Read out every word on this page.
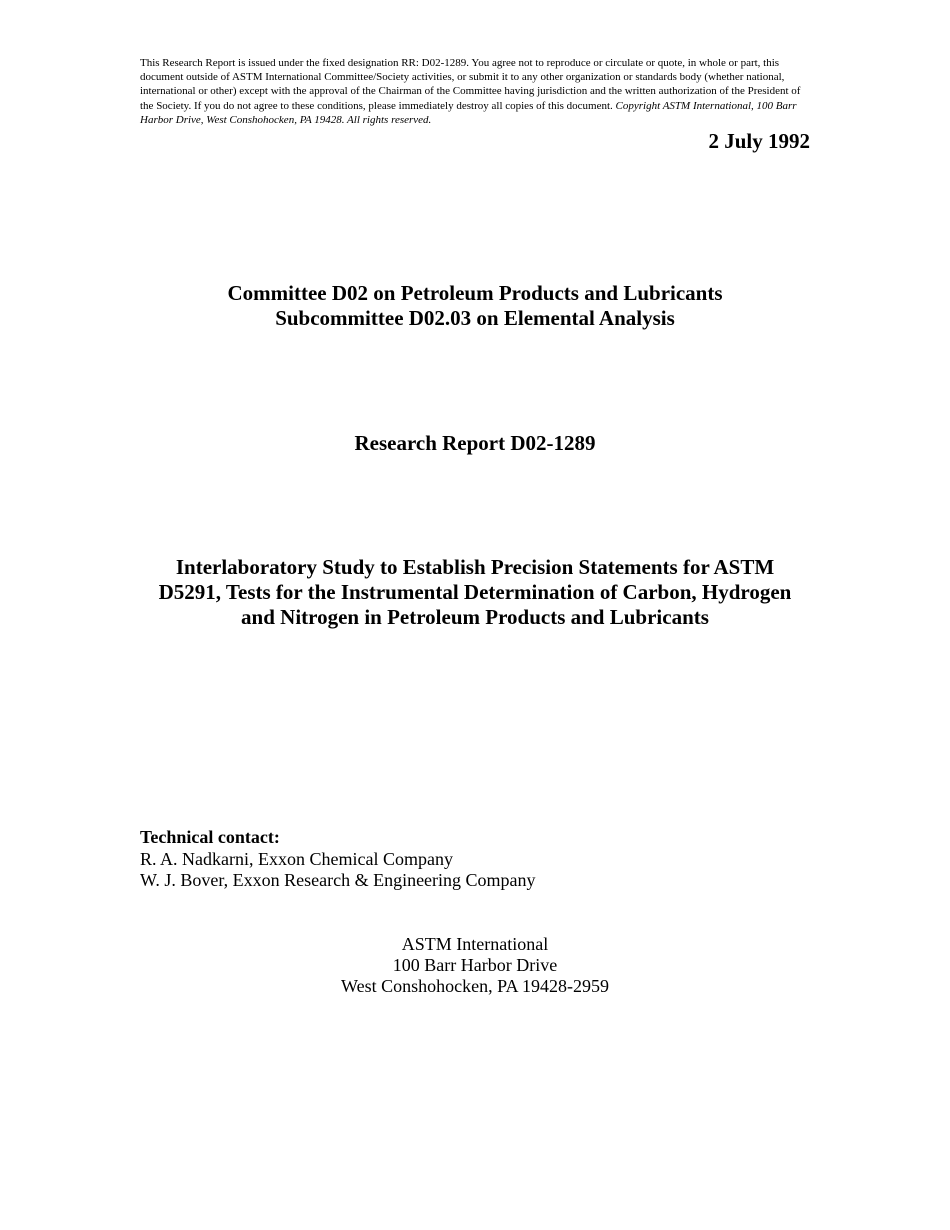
This Research Report is issued under the fixed designation RR: D02-1289. You agree not to reproduce or circulate or quote, in whole or part, this document outside of ASTM International Committee/Society activities, or submit it to any other organization or standards body (whether national, international or other) except with the approval of the Chairman of the Committee having jurisdiction and the written authorization of the President of the Society. If you do not agree to these conditions, please immediately destroy all copies of this document. Copyright ASTM International, 100 Barr Harbor Drive, West Conshohocken, PA 19428. All rights reserved.
2 July 1992
Committee D02 on Petroleum Products and Lubricants
Subcommittee D02.03 on Elemental Analysis
Research Report D02-1289
Interlaboratory Study to Establish Precision Statements for ASTM
D5291, Tests for the Instrumental Determination of Carbon, Hydrogen
and Nitrogen in Petroleum Products and Lubricants
Technical contact:
R. A. Nadkarni, Exxon Chemical Company
W. J. Bover, Exxon Research & Engineering Company
ASTM International
100 Barr Harbor Drive
West Conshohocken, PA 19428-2959
